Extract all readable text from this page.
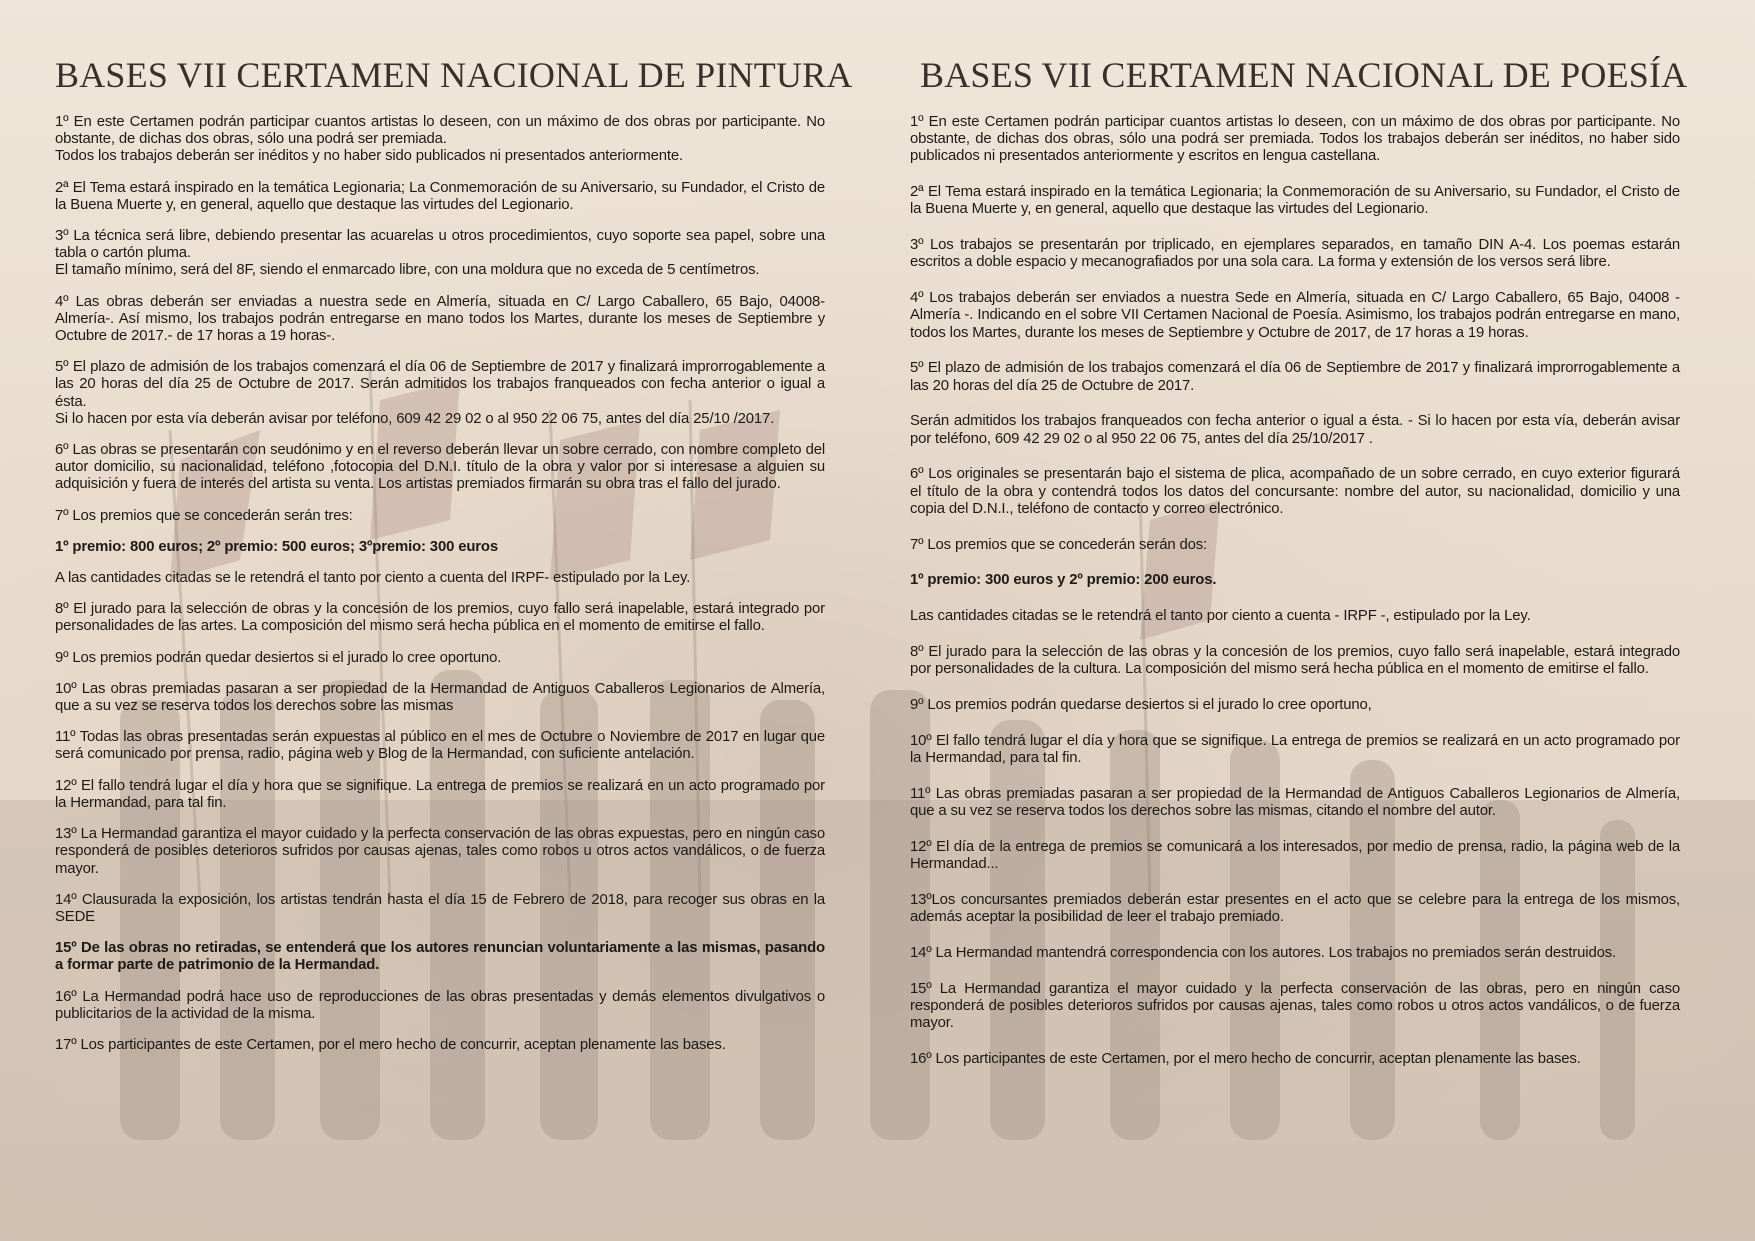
BASES VII CERTAMEN NACIONAL DE PINTURA

1º En este Certamen podrán participar cuantos artistas lo deseen, con un máximo de dos obras por participante. No obstante, de dichas dos obras, sólo una podrá ser premiada.
Todos los trabajos deberán ser inéditos y no haber sido publicados ni presentados anteriormente.

2ª El Tema estará inspirado en la temática Legionaria; La Conmemoración de su Aniversario, su Fundador, el Cristo de la Buena Muerte y, en general, aquello que destaque las virtudes del Legionario.

3º La técnica será libre, debiendo presentar las acuarelas u otros procedimientos, cuyo soporte sea papel, sobre una tabla o cartón pluma.
El tamaño mínimo, será del 8F, siendo el enmarcado libre, con una moldura que no exceda de 5 centímetros.

4º Las obras deberán ser enviadas a nuestra sede en Almería, situada en C/ Largo Caballero, 65 Bajo, 04008-Almería-. Así mismo, los trabajos podrán entregarse en mano todos los Martes, durante los meses de Septiembre y Octubre de 2017.- de 17 horas a 19 horas-.

5º El plazo de admisión de los trabajos comenzará el día 06 de Septiembre de 2017 y finalizará improrrogablemente a las 20 horas del día 25 de Octubre de 2017. Serán admitidos los trabajos franqueados con fecha anterior o igual a ésta.
Si lo hacen por esta vía deberán avisar por teléfono, 609 42 29 02 o al 950 22 06 75, antes del día 25/10 /2017.

6º Las obras se presentarán con seudónimo y en el reverso deberán llevar un sobre cerrado, con nombre completo del autor domicilio, su nacionalidad, teléfono ,fotocopia del D.N.I. título de la obra y valor por si interesase a alguien su adquisición y fuera de interés del artista su venta. Los artistas premiados firmarán su obra tras el fallo del jurado.

7º Los premios que se concederán serán tres:

1º premio: 800 euros; 2º premio: 500 euros; 3ºpremio: 300 euros

A las cantidades citadas se le retendrá el tanto por ciento a cuenta del IRPF- estipulado por la Ley.

8º El jurado para la selección de obras y la concesión de los premios, cuyo fallo será inapelable, estará integrado por personalidades de las artes. La composición del mismo será hecha pública en el momento de emitirse el fallo.

9º Los premios podrán quedar desiertos si el jurado lo cree oportuno.

10º Las obras premiadas pasaran a ser propiedad de la Hermandad de Antiguos Caballeros Legionarios de Almería, que a su vez se reserva todos los derechos sobre las mismas

11º Todas las obras presentadas serán expuestas al público en el mes de Octubre o Noviembre de 2017 en lugar que será comunicado por prensa, radio, página web y Blog de la Hermandad, con suficiente antelación.

12º El fallo tendrá lugar el día y hora que se signifique. La entrega de premios se realizará en un acto programado por la Hermandad, para tal fin.

13º La Hermandad garantiza el mayor cuidado y la perfecta conservación de las obras expuestas, pero en ningún caso responderá de posibles deterioros sufridos por causas ajenas, tales como robos u otros actos vandálicos, o de fuerza mayor.

14º Clausurada la exposición, los artistas tendrán hasta el día 15 de Febrero de 2018, para recoger sus obras en la SEDE

15º De las obras no retiradas, se entenderá que los autores renuncian voluntariamente a las mismas, pasando a formar parte de patrimonio de la Hermandad.

16º La Hermandad podrá hace uso de reproducciones de las obras presentadas y demás elementos divulgativos o publicitarios de la actividad de la misma.

17º Los participantes de este Certamen, por el mero hecho de concurrir, aceptan plenamente las bases.

BASES VII CERTAMEN NACIONAL DE POESÍA

1º En este Certamen podrán participar cuantos artistas lo deseen, con un máximo de dos obras por participante. No obstante, de dichas dos obras, sólo una podrá ser premiada. Todos los trabajos deberán ser inéditos, no haber sido publicados ni presentados anteriormente y escritos en lengua castellana.

2ª El Tema estará inspirado en la temática Legionaria; la Conmemoración de su Aniversario, su Fundador, el Cristo de la Buena Muerte y, en general, aquello que destaque las virtudes del Legionario.

3º Los trabajos se presentarán por triplicado, en ejemplares separados, en tamaño DIN A-4. Los poemas estarán escritos a doble espacio y mecanografiados por una sola cara. La forma y extensión de los versos será libre.

4º Los trabajos deberán ser enviados a nuestra Sede en Almería, situada en C/ Largo Caballero, 65 Bajo, 04008 -Almería -. Indicando en el sobre VII Certamen Nacional de Poesía. Asimismo, los trabajos podrán entregarse en mano, todos los Martes, durante los meses de Septiembre y Octubre de 2017, de 17 horas a 19 horas.

5º El plazo de admisión de los trabajos comenzará el día 06 de Septiembre de 2017 y finalizará improrrogablemente a las 20 horas del día 25 de Octubre de 2017.

Serán admitidos los trabajos franqueados con fecha anterior o igual a ésta. - Si lo hacen por esta vía, deberán avisar por teléfono, 609 42 29 02 o al 950 22 06 75, antes del día 25/10/2017 .

6º Los originales se presentarán bajo el sistema de plica, acompañado de un sobre cerrado, en cuyo exterior figurará el título de la obra y contendrá todos los datos del concursante: nombre del autor, su nacionalidad, domicilio y una copia del D.N.I., teléfono de contacto y correo electrónico.

7º Los premios que se concederán serán dos:

1º premio: 300 euros y 2º premio: 200 euros.

Las cantidades citadas se le retendrá el tanto por ciento a cuenta - IRPF -, estipulado por la Ley.

8º El jurado para la selección de las obras y la concesión de los premios, cuyo fallo será inapelable, estará integrado por personalidades de la cultura. La composición del mismo será hecha pública en el momento de emitirse el fallo.

9º Los premios podrán quedarse desiertos si el jurado lo cree oportuno,

10º El fallo tendrá lugar el día y hora que se signifique. La entrega de premios se realizará en un acto programado por la Hermandad, para tal fin.

11º Las obras premiadas pasaran a ser propiedad de la Hermandad de Antiguos Caballeros Legionarios de Almería, que a su vez se reserva todos los derechos sobre las mismas, citando el nombre del autor.

12º El día de la entrega de premios se comunicará a los interesados, por medio de prensa, radio, la página web de la Hermandad...

13ºLos concursantes premiados deberán estar presentes en el acto que se celebre para la entrega de los mismos, además aceptar la posibilidad de leer el trabajo premiado.

14º La Hermandad mantendrá correspondencia con los autores. Los trabajos no premiados serán destruidos.

15º La Hermandad garantiza el mayor cuidado y la perfecta conservación de las obras, pero en ningún caso responderá de posibles deterioros sufridos por causas ajenas, tales como robos u otros actos vandálicos, o de fuerza mayor.

16º Los participantes de este Certamen, por el mero hecho de concurrir, aceptan plenamente las bases.
